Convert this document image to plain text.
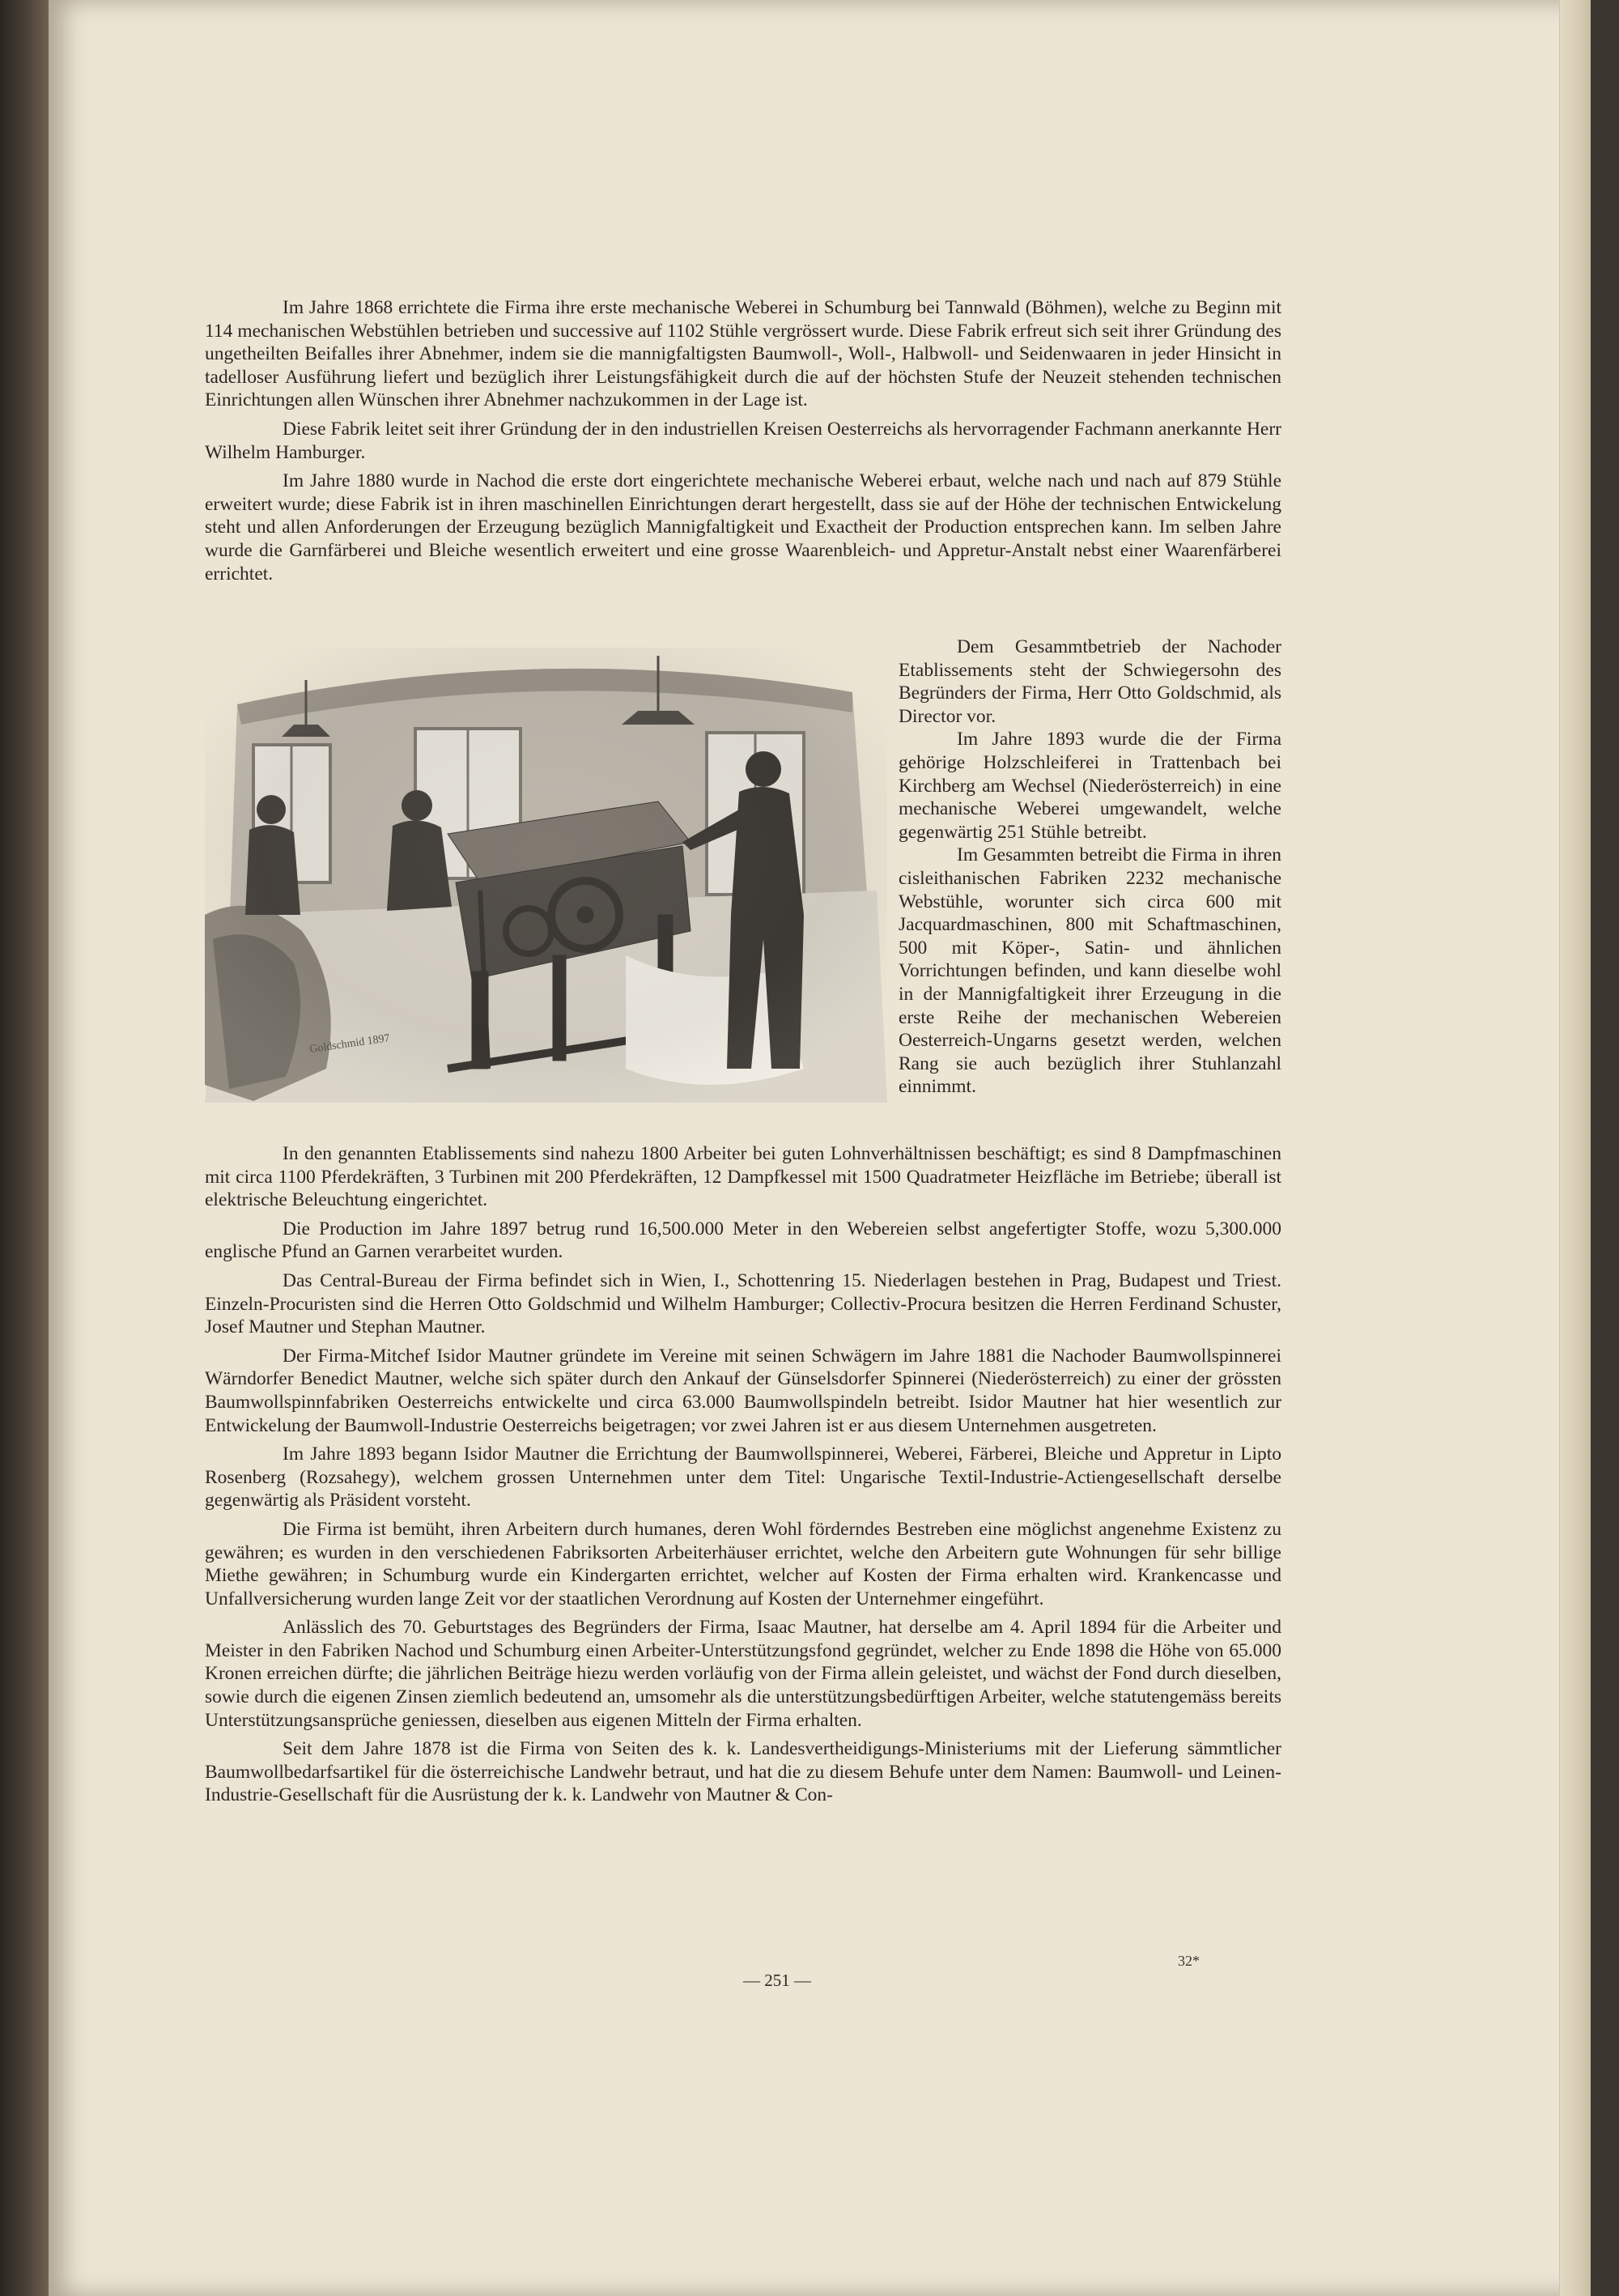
Im Jahre 1868 errichtete die Firma ihre erste mechanische Weberei in Schumburg bei Tannwald (Böhmen), welche zu Beginn mit 114 mechanischen Webstühlen betrieben und successive auf 1102 Stühle vergrössert wurde. Diese Fabrik erfreut sich seit ihrer Gründung des ungetheilten Beifalles ihrer Abnehmer, indem sie die mannigfaltigsten Baumwoll-, Woll-, Halbwoll- und Seidenwaaren in jeder Hinsicht in tadelloser Ausführung liefert und bezüglich ihrer Leistungsfähigkeit durch die auf der höchsten Stufe der Neuzeit stehenden technischen Einrichtungen allen Wünschen ihrer Abnehmer nachzukommen in der Lage ist.

Diese Fabrik leitet seit ihrer Gründung der in den industriellen Kreisen Oesterreichs als hervorragender Fachmann anerkannte Herr Wilhelm Hamburger.

Im Jahre 1880 wurde in Nachod die erste dort eingerichtete mechanische Weberei erbaut, welche nach und nach auf 879 Stühle erweitert wurde; diese Fabrik ist in ihren maschinellen Einrichtungen derart hergestellt, dass sie auf der Höhe der technischen Entwickelung steht und allen Anforderungen der Erzeugung bezüglich Mannigfaltigkeit und Exactheit der Production entsprechen kann. Im selben Jahre wurde die Garnfärberei und Bleiche wesentlich erweitert und eine grosse Waarenbleich- und Appretur-Anstalt nebst einer Waarenfärberei errichtet.

Goldschmid 1897

Dem Gesammtbetrieb der Nachoder Etablissements steht der Schwiegersohn des Begründers der Firma, Herr Otto Goldschmid, als Director vor.

Im Jahre 1893 wurde die der Firma gehörige Holzschleiferei in Trattenbach bei Kirchberg am Wechsel (Niederösterreich) in eine mechanische Weberei umgewandelt, welche gegenwärtig 251 Stühle betreibt.

Im Gesammten betreibt die Firma in ihren cisleithanischen Fabriken 2232 mechanische Webstühle, worunter sich circa 600 mit Jacquardmaschinen, 800 mit Schaftmaschinen, 500 mit Köper-, Satin- und ähnlichen Vorrichtungen befinden, und kann dieselbe wohl in der Mannigfaltigkeit ihrer Erzeugung in die erste Reihe der mechanischen Webereien Oesterreich-Ungarns gesetzt werden, welchen Rang sie auch bezüglich ihrer Stuhlanzahl einnimmt.

In den genannten Etablissements sind nahezu 1800 Arbeiter bei guten Lohnverhältnissen beschäftigt; es sind 8 Dampfmaschinen mit circa 1100 Pferdekräften, 3 Turbinen mit 200 Pferdekräften, 12 Dampfkessel mit 1500 Quadratmeter Heizfläche im Betriebe; überall ist elektrische Beleuchtung eingerichtet.

Die Production im Jahre 1897 betrug rund 16,500.000 Meter in den Webereien selbst angefertigter Stoffe, wozu 5,300.000 englische Pfund an Garnen verarbeitet wurden.

Das Central-Bureau der Firma befindet sich in Wien, I., Schottenring 15. Niederlagen bestehen in Prag, Budapest und Triest. Einzeln-Procuristen sind die Herren Otto Goldschmid und Wilhelm Hamburger; Collectiv-Procura besitzen die Herren Ferdinand Schuster, Josef Mautner und Stephan Mautner.

Der Firma-Mitchef Isidor Mautner gründete im Vereine mit seinen Schwägern im Jahre 1881 die Nachoder Baumwollspinnerei Wärndorfer Benedict Mautner, welche sich später durch den Ankauf der Günselsdorfer Spinnerei (Niederösterreich) zu einer der grössten Baumwollspinnfabriken Oesterreichs entwickelte und circa 63.000 Baumwollspindeln betreibt. Isidor Mautner hat hier wesentlich zur Entwickelung der Baumwoll-Industrie Oesterreichs beigetragen; vor zwei Jahren ist er aus diesem Unternehmen ausgetreten.

Im Jahre 1893 begann Isidor Mautner die Errichtung der Baumwollspinnerei, Weberei, Färberei, Bleiche und Appretur in Lipto Rosenberg (Rozsahegy), welchem grossen Unternehmen unter dem Titel: Ungarische Textil-Industrie-Actiengesellschaft derselbe gegenwärtig als Präsident vorsteht.

Die Firma ist bemüht, ihren Arbeitern durch humanes, deren Wohl förderndes Bestreben eine möglichst angenehme Existenz zu gewähren; es wurden in den verschiedenen Fabriksorten Arbeiterhäuser errichtet, welche den Arbeitern gute Wohnungen für sehr billige Miethe gewähren; in Schumburg wurde ein Kindergarten errichtet, welcher auf Kosten der Firma erhalten wird. Krankencasse und Unfallversicherung wurden lange Zeit vor der staatlichen Verordnung auf Kosten der Unternehmer eingeführt.

Anlässlich des 70. Geburtstages des Begründers der Firma, Isaac Mautner, hat derselbe am 4. April 1894 für die Arbeiter und Meister in den Fabriken Nachod und Schumburg einen Arbeiter-Unterstützungsfond gegründet, welcher zu Ende 1898 die Höhe von 65.000 Kronen erreichen dürfte; die jährlichen Beiträge hiezu werden vorläufig von der Firma allein geleistet, und wächst der Fond durch dieselben, sowie durch die eigenen Zinsen ziemlich bedeutend an, umsomehr als die unterstützungsbedürftigen Arbeiter, welche statutengemäss bereits Unterstützungsansprüche geniessen, dieselben aus eigenen Mitteln der Firma erhalten.

Seit dem Jahre 1878 ist die Firma von Seiten des k. k. Landesvertheidigungs-Ministeriums mit der Lieferung sämmtlicher Baumwollbedarfsartikel für die österreichische Landwehr betraut, und hat die zu diesem Behufe unter dem Namen: Baumwoll- und Leinen-Industrie-Gesellschaft für die Ausrüstung der k. k. Landwehr von Mautner & Con-

32*
— 251 —
